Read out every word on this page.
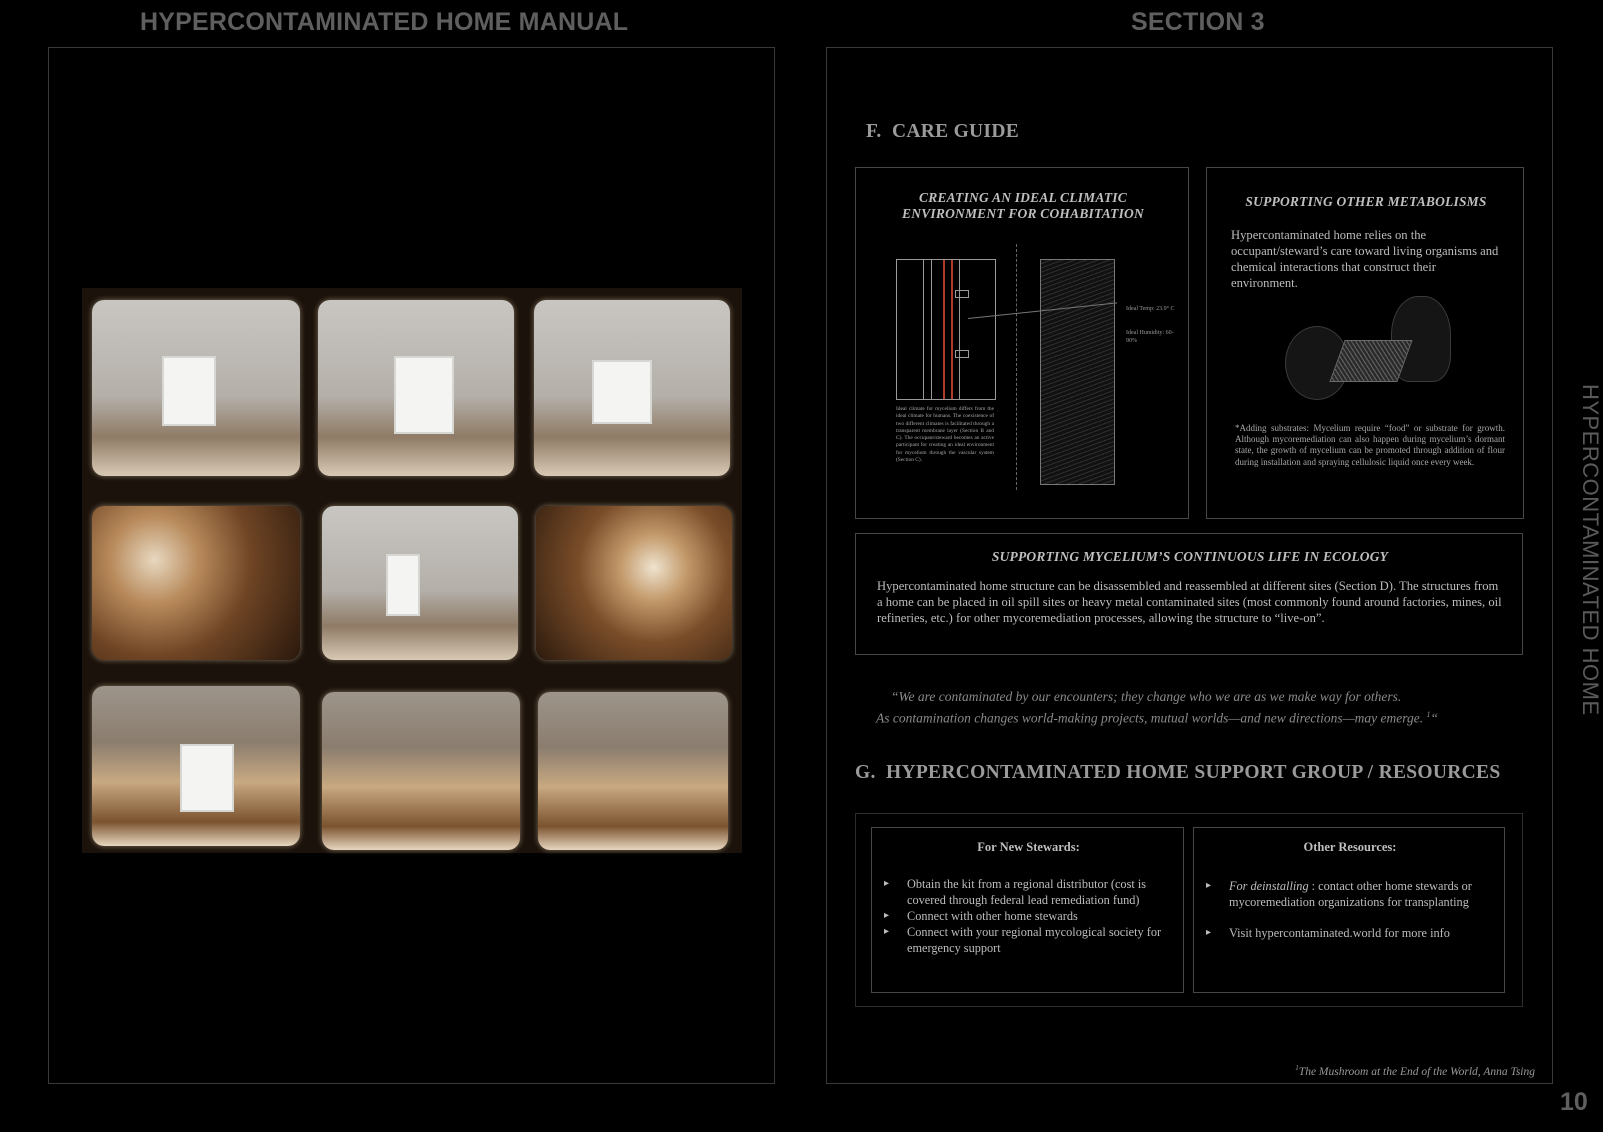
HYPERCONTAMINATED HOME MANUAL	SECTION 3
F.  CARE GUIDE
CREATING AN IDEAL CLIMATIC
ENVIRONMENT FOR COHABITATION
Ideal Temp: 23.9° C
Ideal Humidity: 60-90%
Ideal climate for mycelium differs from the ideal climate for humans. The coexistence of two different climates is facilitated through a transparent membrane layer (Section B and C). The occupant/steward becomes an active participant for creating an ideal environment for mycelium through the vascular system (Section C).
SUPPORTING OTHER METABOLISMS
Hypercontaminated home relies on the occupant/steward’s care toward living organisms and chemical interactions that construct their environment.
*Adding substrates: Mycelium require “food” or substrate for growth. Although mycoremediation can also happen during mycelium’s dormant state, the growth of mycelium can be promoted through addition of flour during installation and spraying cellulosic liquid once every week.
SUPPORTING MYCELIUM’S CONTINUOUS LIFE IN ECOLOGY
Hypercontaminated home structure can be disassembled and reassembled at different sites (Section D). The structures from a home can be placed in oil spill sites or heavy metal contaminated sites (most commonly found around factories, mines, oil refineries, etc.) for other mycoremediation processes, allowing the structure to “live-on”.
“We are contaminated by our encounters; they change who we are as we make way for others.
As contamination changes world-making projects, mutual worlds—and new directions—may emerge. $^1$“
G.  HYPERCONTAMINATED HOME SUPPORT GROUP / RESOURCES
For New Stewards:
▸ Obtain the kit from a regional distributor (cost is covered through federal lead remediation fund)
▸ Connect with other home stewards
▸ Connect with your regional mycological society for emergency support
Other Resources:
▸ For deinstalling : contact other home stewards or mycoremediation organizations for transplanting
▸ Visit hypercontaminated.world for more info
$^1$The Mushroom at the End of the World, Anna Tsing
HYPERCONTAMINATED HOME
10
